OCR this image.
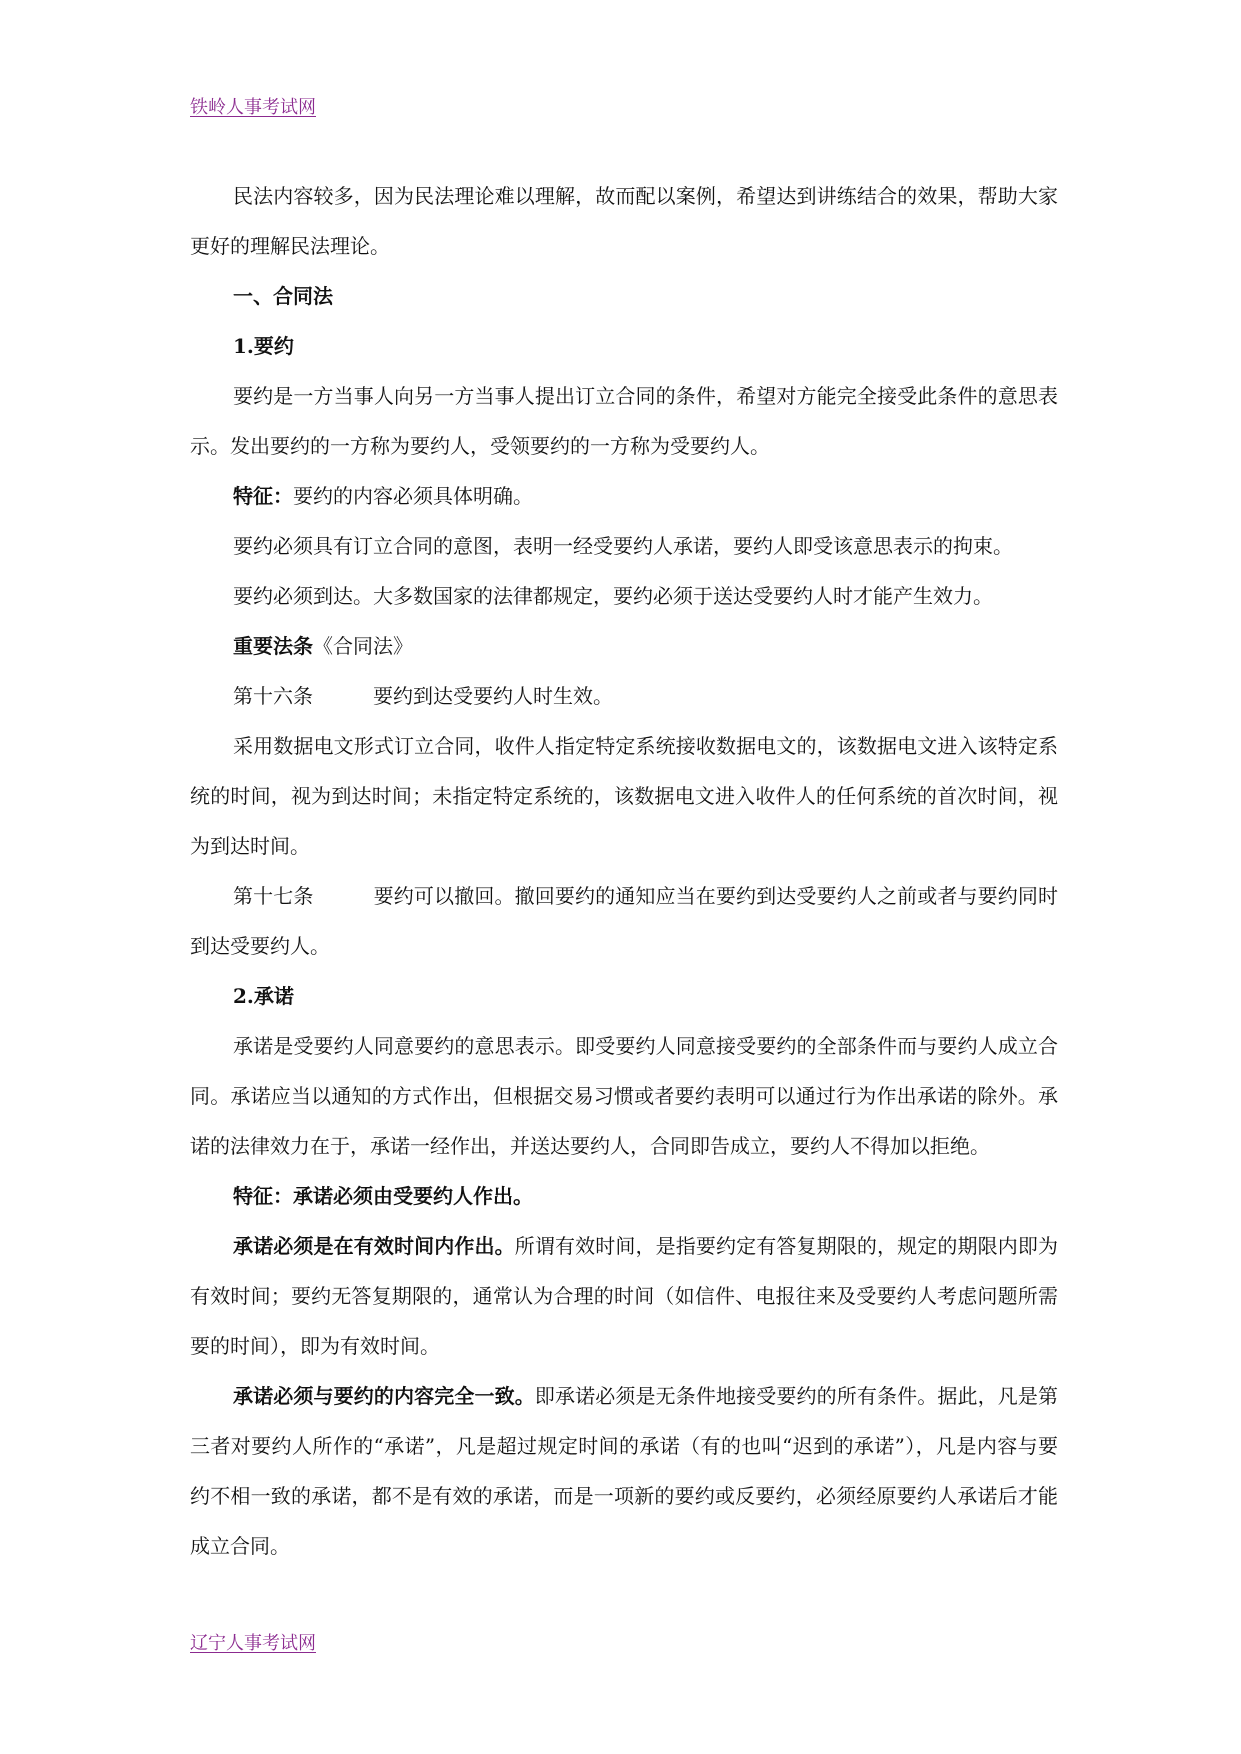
铁岭人事考试网

民法内容较多，因为民法理论难以理解，故而配以案例，希望达到讲练结合的效果，帮助大家更好的理解民法理论。

一、合同法

1.要约

要约是一方当事人向另一方当事人提出订立合同的条件，希望对方能完全接受此条件的意思表示。发出要约的一方称为要约人，受领要约的一方称为受要约人。

特征：要约的内容必须具体明确。

要约必须具有订立合同的意图，表明一经受要约人承诺，要约人即受该意思表示的拘束。

要约必须到达。大多数国家的法律都规定，要约必须于送达受要约人时才能产生效力。

重要法条《合同法》

第十六条	要约到达受要约人时生效。

采用数据电文形式订立合同，收件人指定特定系统接收数据电文的，该数据电文进入该特定系统的时间，视为到达时间；未指定特定系统的，该数据电文进入收件人的任何系统的首次时间，视为到达时间。

第十七条	要约可以撤回。撤回要约的通知应当在要约到达受要约人之前或者与要约同时到达受要约人。

2.承诺

承诺是受要约人同意要约的意思表示。即受要约人同意接受要约的全部条件而与要约人成立合同。承诺应当以通知的方式作出，但根据交易习惯或者要约表明可以通过行为作出承诺的除外。承诺的法律效力在于，承诺一经作出，并送达要约人，合同即告成立，要约人不得加以拒绝。

特征：承诺必须由受要约人作出。

承诺必须是在有效时间内作出。所谓有效时间，是指要约定有答复期限的，规定的期限内即为有效时间；要约无答复期限的，通常认为合理的时间（如信件、电报往来及受要约人考虑问题所需要的时间），即为有效时间。

承诺必须与要约的内容完全一致。即承诺必须是无条件地接受要约的所有条件。据此，凡是第三者对要约人所作的“承诺”，凡是超过规定时间的承诺（有的也叫“迟到的承诺”），凡是内容与要约不相一致的承诺，都不是有效的承诺，而是一项新的要约或反要约，必须经原要约人承诺后才能成立合同。

辽宁人事考试网
